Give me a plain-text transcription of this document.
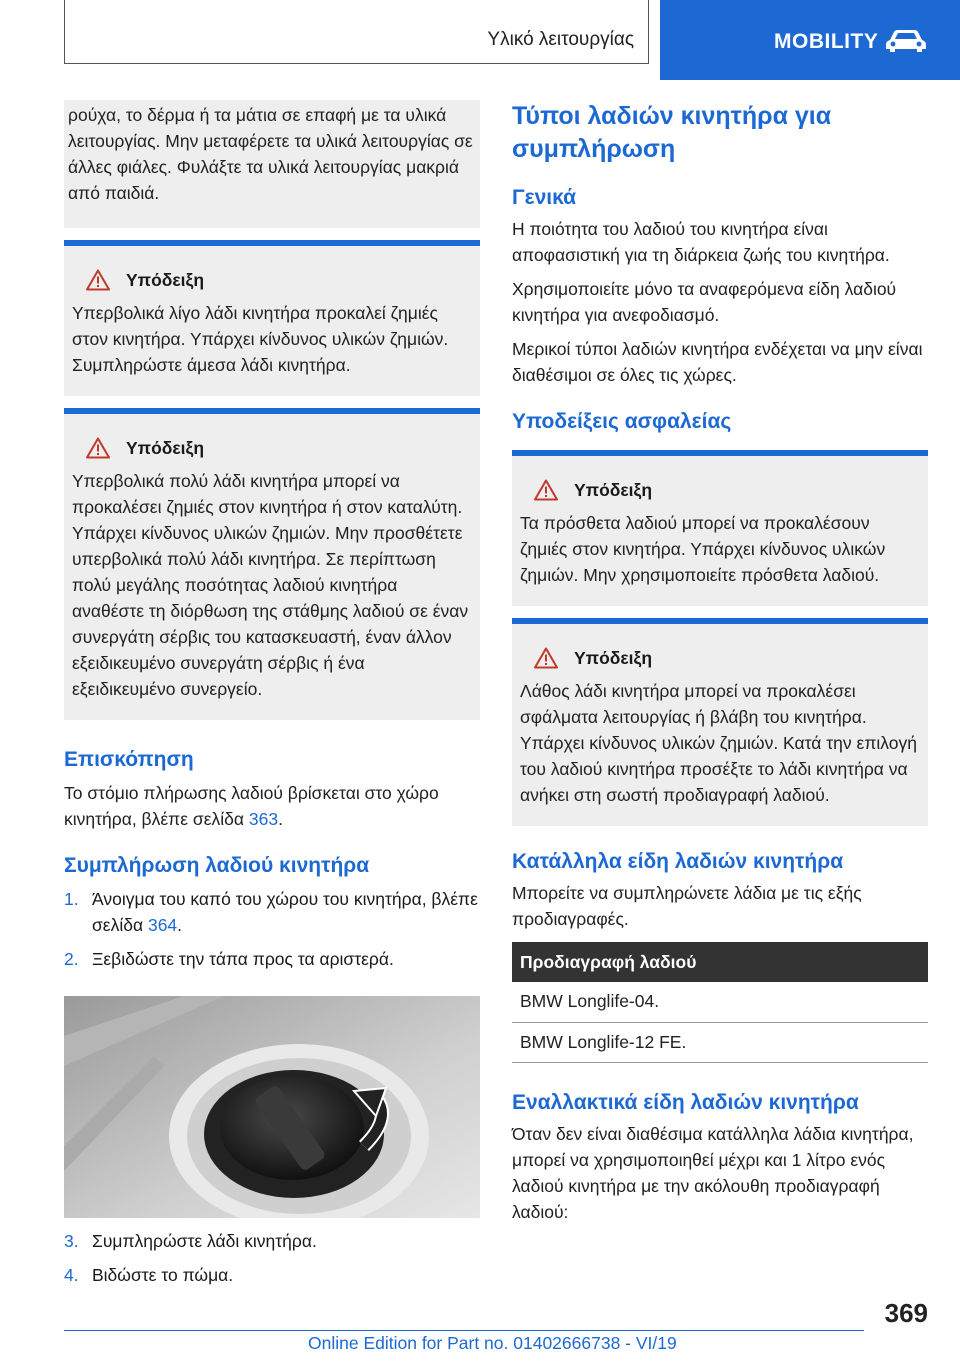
Υλικό λειτουργίας	MOBILITY

ρούχα, το δέρμα ή τα μάτια σε επαφή με τα υλικά λειτουργίας. Μην μεταφέρετε τα υλικά λειτουργίας σε άλλες φιάλες. Φυλάξτε τα υλικά λειτουργίας μακριά από παιδιά.

Υπόδειξη

Υπερβολικά λίγο λάδι κινητήρα προκαλεί ζημιές στον κινητήρα. Υπάρχει κίνδυνος υλικών ζημιών. Συμπληρώστε άμεσα λάδι κινητήρα.

Υπόδειξη

Υπερβολικά πολύ λάδι κινητήρα μπορεί να προκαλέσει ζημιές στον κινητήρα ή στον καταλύτη. Υπάρχει κίνδυνος υλικών ζημιών. Μην προσθέτετε υπερβολικά πολύ λάδι κινητήρα. Σε περίπτωση πολύ μεγάλης ποσότητας λαδιού κινητήρα αναθέστε τη διόρθωση της στάθμης λαδιού σε έναν συνεργάτη σέρβις του κατασκευαστή, έναν άλλον εξειδικευμένο συνεργάτη σέρβις ή ένα εξειδικευμένο συνεργείο.

Επισκόπηση

Το στόμιο πλήρωσης λαδιού βρίσκεται στο χώρο κινητήρα, βλέπε σελίδα 363.

Συμπλήρωση λαδιού κινητήρα
1. Άνοιγμα του καπό του χώρου του κινητήρα, βλέπε σελίδα 364.
2. Ξεβιδώστε την τάπα προς τα αριστερά.
3. Συμπληρώστε λάδι κινητήρα.
4. Βιδώστε το πώμα.
Τύποι λαδιών κινητήρα για συμπλήρωση
Γενικά

Η ποιότητα του λαδιού του κινητήρα είναι αποφασιστική για τη διάρκεια ζωής του κινητήρα.

Χρησιμοποιείτε μόνο τα αναφερόμενα είδη λαδιού κινητήρα για ανεφοδιασμό.

Μερικοί τύποι λαδιών κινητήρα ενδέχεται να μην είναι διαθέσιμοι σε όλες τις χώρες.

Υποδείξεις ασφαλείας
Υπόδειξη

Τα πρόσθετα λαδιού μπορεί να προκαλέσουν ζημιές στον κινητήρα. Υπάρχει κίνδυνος υλικών ζημιών. Μην χρησιμοποιείτε πρόσθετα λαδιού.

Υπόδειξη

Λάθος λάδι κινητήρα μπορεί να προκαλέσει σφάλματα λειτουργίας ή βλάβη του κινητήρα. Υπάρχει κίνδυνος υλικών ζημιών. Κατά την επιλογή του λαδιού κινητήρα προσέξτε το λάδι κινητήρα να ανήκει στη σωστή προδιαγραφή λαδιού.

Κατάλληλα είδη λαδιών κινητήρα

Μπορείτε να συμπληρώνετε λάδια με τις εξής προδιαγραφές.

Προδιαγραφή λαδιού
BMW Longlife-04.
BMW Longlife-12 FE.
Εναλλακτικά είδη λαδιών κινητήρα

Όταν δεν είναι διαθέσιμα κατάλληλα λάδια κινητήρα, μπορεί να χρησιμοποιηθεί μέχρι και 1 λίτρο ενός λαδιού κινητήρα με την ακόλουθη προδιαγραφή λαδιού:

369
Online Edition for Part no. 01402666738 - VI/19
